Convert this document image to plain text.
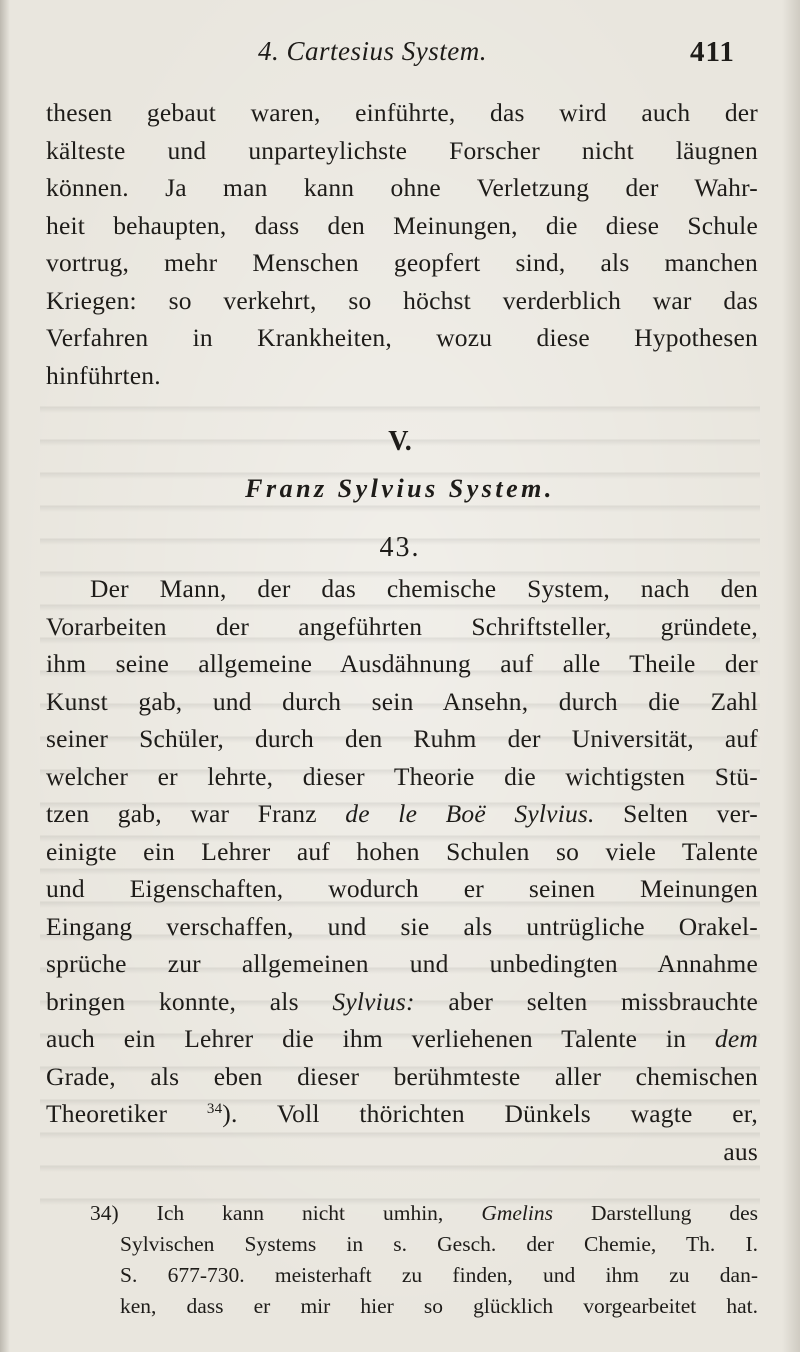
4. Cartesius System.	411
thesen gebaut waren, einführte, das wird auch der
kälteste und unparteylichste Forscher nicht läugnen
können. Ja man kann ohne Verletzung der Wahr-
heit behaupten, dass den Meinungen, die diese Schule
vortrug, mehr Menschen geopfert sind, als manchen
Kriegen: so verkehrt, so höchst verderblich war das
Verfahren in Krankheiten, wozu diese Hypothesen
hinführten.
V.
Franz Sylvius System.
43.
Der Mann, der das chemische System, nach den
Vorarbeiten der angeführten Schriftsteller, gründete,
ihm seine allgemeine Ausdähnung auf alle Theile der
Kunst gab, und durch sein Ansehn, durch die Zahl
seiner Schüler, durch den Ruhm der Universität, auf
welcher er lehrte, dieser Theorie die wichtigsten Stü-
tzen gab, war Franz de le Boë Sylvius. Selten ver-
einigte ein Lehrer auf hohen Schulen so viele Talente
und Eigenschaften, wodurch er seinen Meinungen
Eingang verschaffen, und sie als untrügliche Orakel-
sprüche zur allgemeinen und unbedingten Annahme
bringen konnte, als Sylvius: aber selten missbrauchte
auch ein Lehrer die ihm verliehenen Talente in dem
Grade, als eben dieser berühmteste aller chemischen
Theoretiker $^{34}$). Voll thörichten Dünkels wagte er,
aus
34) Ich kann nicht umhin, Gmelins Darstellung des
Sylvischen Systems in s. Gesch. der Chemie, Th. I.
S. 677-730. meisterhaft zu finden, und ihm zu dan-
ken, dass er mir hier so glücklich vorgearbeitet hat.
